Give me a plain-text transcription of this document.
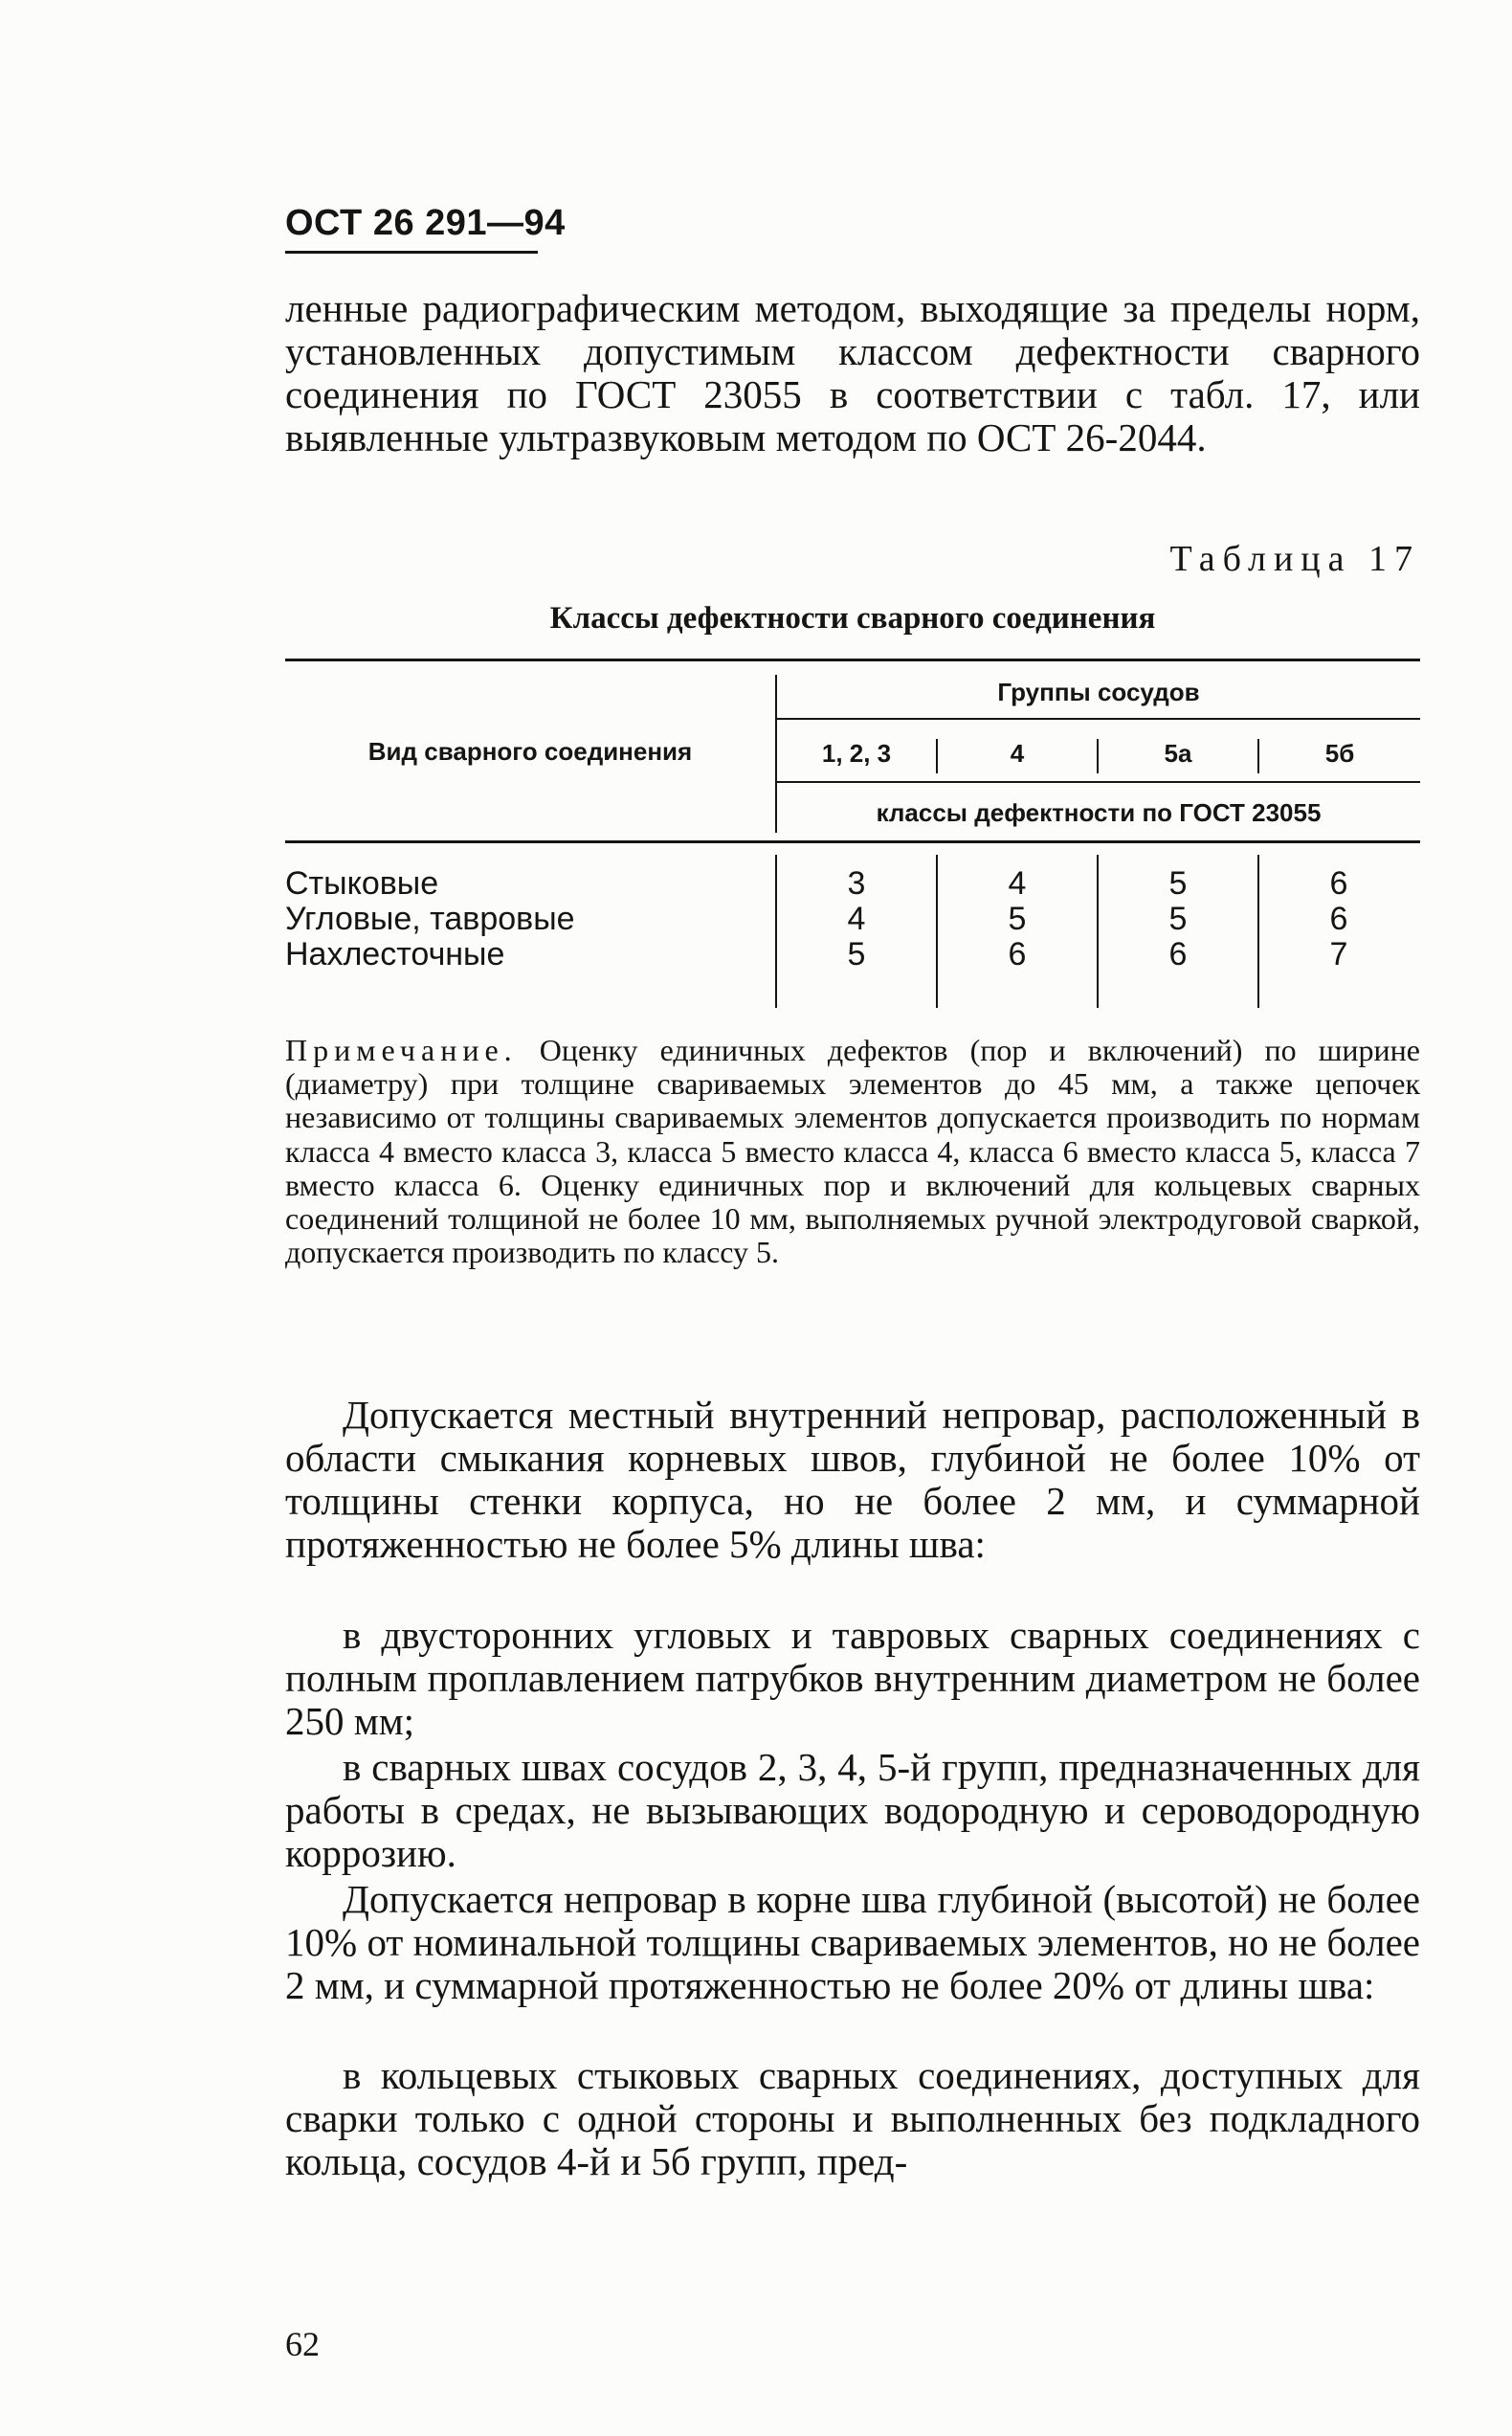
ОСТ 26 291—94

ленные радиографическим методом, выходящие за пределы норм, установленных допустимым классом дефектности сварного соединения по ГОСТ 23055 в соответствии с табл. 17, или выявленные ультразвуковым методом по ОСТ 26-2044.

Таблица 17

Классы дефектности сварного соединения

Вид сварного соединения

Группы сосудов

1, 2, 3	4	5а	5б

классы дефектности по ГОСТ 23055

Стыковые	3	4	5	6

Угловые, тавровые	4	5	5	6

Нахлесточные	5	6	6	7

Примечание. Оценку единичных дефектов (пор и включений) по ширине (диаметру) при толщине свариваемых элементов до 45 мм, а также цепочек независимо от толщины свариваемых элементов допускается производить по нормам класса 4 вместо класса 3, класса 5 вместо класса 4, класса 6 вместо класса 5, класса 7 вместо класса 6. Оценку единичных пор и включений для кольцевых сварных соединений толщиной не более 10 мм, выполняемых ручной электродуговой сваркой, допускается производить по классу 5.

Допускается местный внутренний непровар, расположенный в области смыкания корневых швов, глубиной не более 10% от толщины стенки корпуса, но не более 2 мм, и суммарной протяженностью не более 5% длины шва:

в двусторонних угловых и тавровых сварных соединениях с полным проплавлением патрубков внутренним диаметром не более 250 мм;

в сварных швах сосудов 2, 3, 4, 5-й групп, предназначенных для работы в средах, не вызывающих водородную и сероводородную коррозию.

Допускается непровар в корне шва глубиной (высотой) не более 10% от номинальной толщины свариваемых элементов, но не более 2 мм, и суммарной протяженностью не более 20% от длины шва:

в кольцевых стыковых сварных соединениях, доступных для сварки только с одной стороны и выполненных без подкладного кольца, сосудов 4-й и 5б групп, пред-

62
